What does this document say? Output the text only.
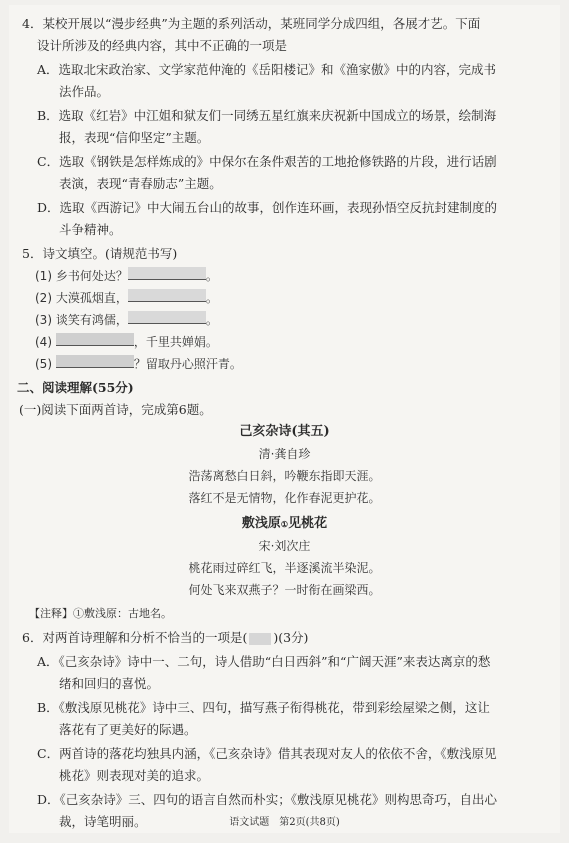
4．某校开展以“漫步经典”为主题的系列活动，某班同学分成四组，各展才艺。下面
设计所涉及的经典内容，其中不正确的一项是
A．选取北宋政治家、文学家范仲淹的《岳阳楼记》和《渔家傲》中的内容，完成书
法作品。
B．选取《红岩》中江姐和狱友们一同绣五星红旗来庆祝新中国成立的场景，绘制海
报，表现“信仰坚定”主题。
C．选取《钢铁是怎样炼成的》中保尔在条件艰苦的工地抢修铁路的片段，进行话剧
表演，表现“青春励志”主题。
D．选取《西游记》中大闹五台山的故事，创作连环画，表现孙悟空反抗封建制度的
斗争精神。
5．诗文填空。(请规范书写)
(1) 乡书何处达？	。
(2) 大漠孤烟直，	。
(3) 谈笑有鸿儒，	。
(4)	，千里共婵娟。
(5)	？留取丹心照汗青。
二、阅读理解(55分)
(一)阅读下面两首诗，完成第6题。
己亥杂诗(其五)
清·龚自珍
浩荡离愁白日斜，吟鞭东指即天涯。
落红不是无情物，化作春泥更护花。
敷浅原①见桃花
宋·刘次庄
桃花雨过碎红飞，半逐溪流半染泥。
何处飞来双燕子？一时衔在画梁西。
【注释】①敷浅原：古地名。
6．对两首诗理解和分析不恰当的一项是( )(3分)
A．《己亥杂诗》诗中一、二句，诗人借助“白日西斜”和“广阔天涯”来表达离京的愁
绪和回归的喜悦。
B．《敷浅原见桃花》诗中三、四句，描写燕子衔得桃花，带到彩绘屋梁之侧，这让
落花有了更美好的际遇。
C．两首诗的落花均独具内涵，《己亥杂诗》借其表现对友人的依依不舍，《敷浅原见
桃花》则表现对美的追求。
D．《己亥杂诗》三、四句的语言自然而朴实；《敷浅原见桃花》则构思奇巧，自出心
裁，诗笔明丽。	语文试题　第2页(共8页)
